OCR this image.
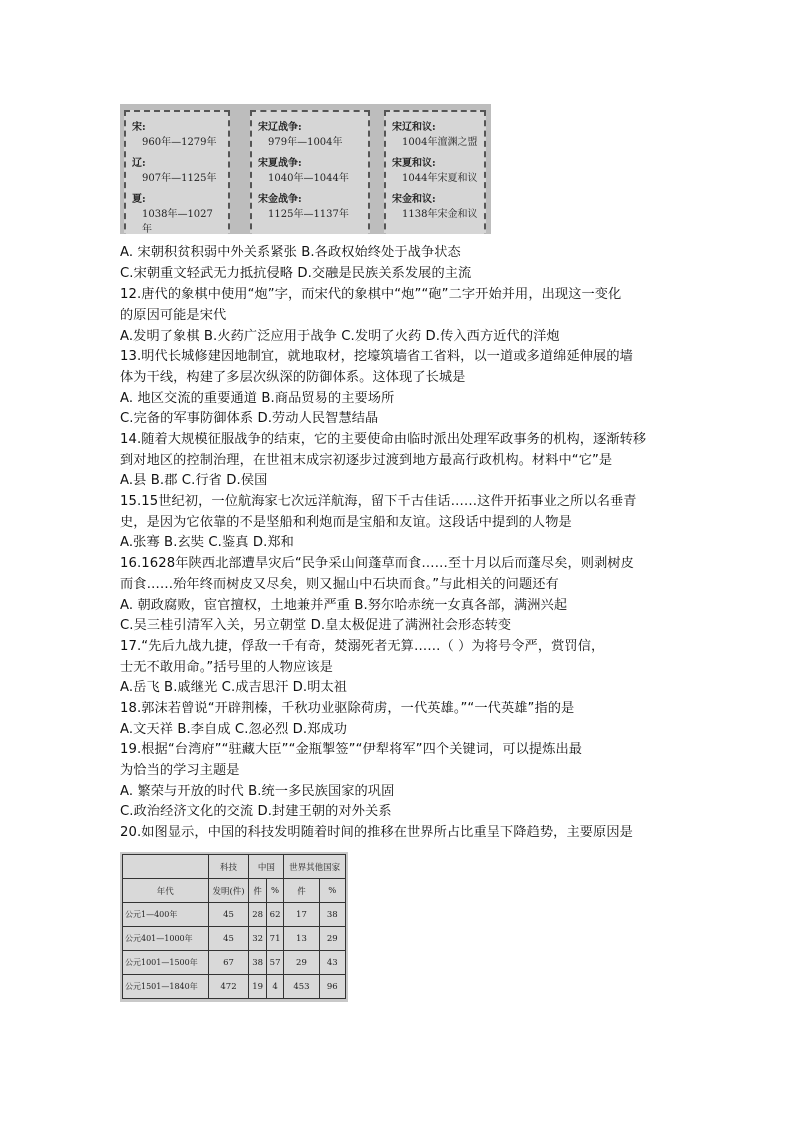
宋:
960年—1279年
辽:
907年—1125年
夏:
1038年—1027年
宋辽战争:
979年—1004年
宋夏战争:
1040年—1044年
宋金战争:
1125年—1137年
宋辽和议:
1004年澶渊之盟
宋夏和议:
1044年宋夏和议
宋金和议:
1138年宋金和议
A. 宋朝积贫积弱中外关系紧张 B.各政权始终处于战争状态
C.宋朝重文轻武无力抵抗侵略 D.交融是民族关系发展的主流
12.唐代的象棋中使用“炮”字，而宋代的象棋中“炮”“砲”二字开始并用，出现这一变化
的原因可能是宋代
A.发明了象棋 B.火药广泛应用于战争 C.发明了火药 D.传入西方近代的洋炮
13.明代长城修建因地制宜，就地取材，挖壕筑墙省工省料，以一道或多道绵延伸展的墙
体为干线，构建了多层次纵深的防御体系。这体现了长城是
A. 地区交流的重要通道 B.商品贸易的主要场所
C.完备的军事防御体系 D.劳动人民智慧结晶
14.随着大规模征服战争的结束，它的主要使命由临时派出处理军政事务的机构，逐渐转移
到对地区的控制治理，在世祖末成宗初逐步过渡到地方最高行政机构。材料中“它”是
A.县 B.郡 C.行省 D.侯国
15.15世纪初，一位航海家七次远洋航海，留下千古佳话……这件开拓事业之所以名垂青
史，是因为它依靠的不是坚船和利炮而是宝船和友谊。这段话中提到的人物是
A.张骞 B.玄奘 C.鉴真 D.郑和
16.1628年陕西北部遭旱灾后“民争采山间蓬草而食……至十月以后而蓬尽矣，则剥树皮
而食……殆年终而树皮又尽矣，则又掘山中石块而食。”与此相关的问题还有
A. 朝政腐败，宦官擅权，土地兼并严重 B.努尔哈赤统一女真各部，满洲兴起
C.吴三桂引清军入关，另立朝堂 D.皇太极促进了满洲社会形态转变
17.“先后九战九捷，俘敌一千有奇，焚溺死者无算……（ ）为将号令严，赏罚信，
士无不敢用命。”括号里的人物应该是
A.岳飞 B.戚继光 C.成吉思汗 D.明太祖
18.郭沫若曾说“开辟荆榛，千秋功业驱除荷虏，一代英雄。”“一代英雄”指的是
A.文天祥 B.李自成 C.忽必烈 D.郑成功
19.根据“台湾府”“驻藏大臣”“金瓶掣签”“伊犁将军”四个关键词，可以提炼出最
为恰当的学习主题是
A. 繁荣与开放的时代 B.统一多民族国家的巩固
C.政治经济文化的交流 D.封建王朝的对外关系
20.如图显示，中国的科技发明随着时间的推移在世界所占比重呈下降趋势，主要原因是
	科技	中国		世界其他国家	
年代	发明(件)	件	%	件	%
公元1—400年	45	28	62	17	38
公元401—1000年	45	32	71	13	29
公元1001—1500年	67	38	57	29	43
公元1501—1840年	472	19	4	453	96
